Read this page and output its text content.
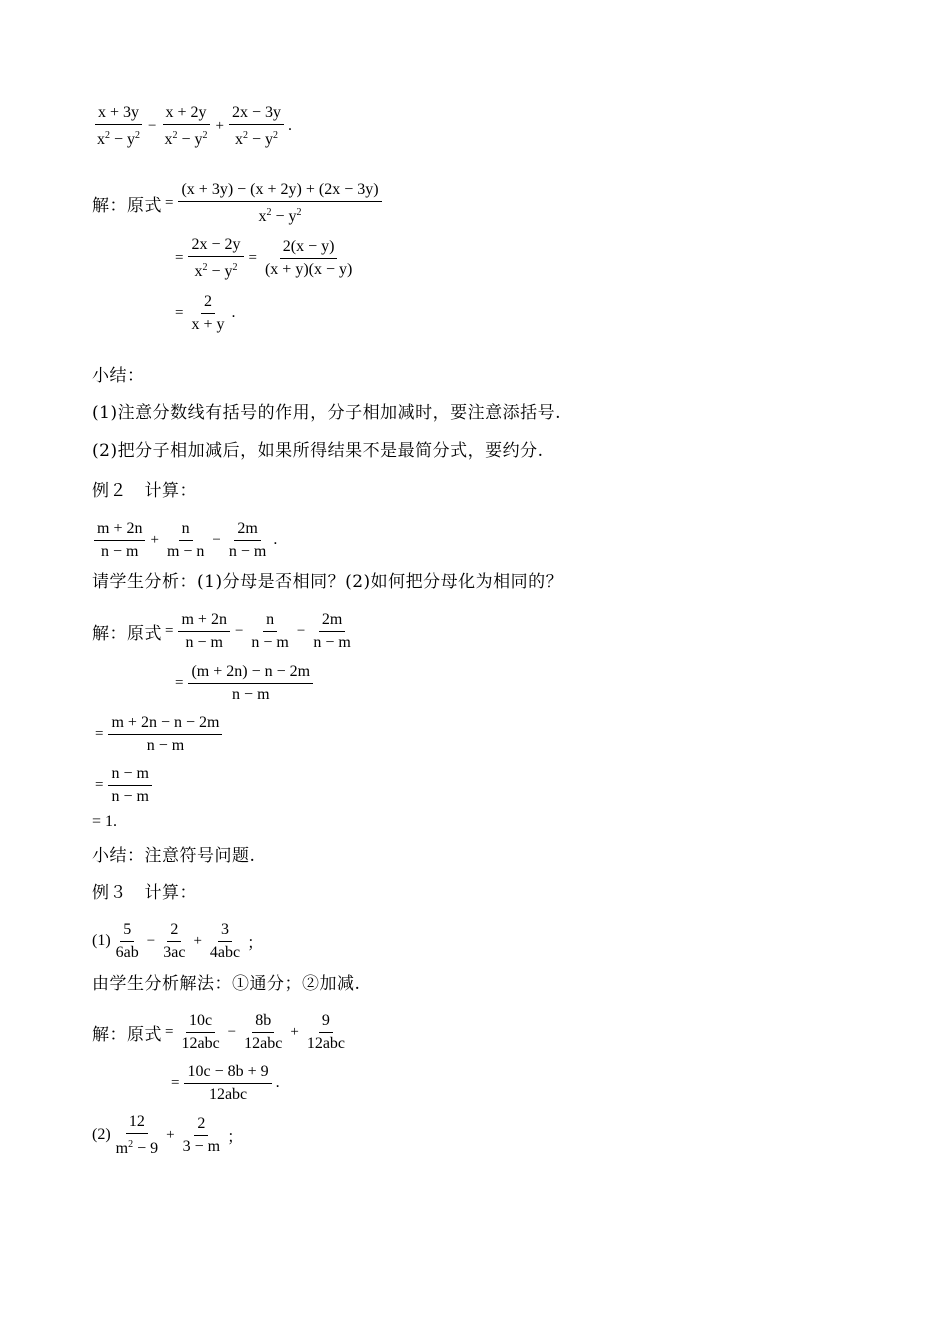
$\frac{x + 3y}{x^2 - y^2} - \frac{x + 2y}{x^2 - y^2} + \frac{2x - 3y}{x^2 - y^2}$ .
解：原式 = $\frac{(x + 3y) - (x + 2y) + (2x - 3y)}{x^2 - y^2}$
= $\frac{2x - 2y}{x^2 - y^2} = \frac{2(x - y)}{(x + y)(x - y)}$
= $\frac{2}{x + y}$ .
小结：
(1)注意分数线有括号的作用，分子相加减时，要注意添括号.
(2)把分子相加减后，如果所得结果不是最简分式，要约分.
例２　计算：
$\frac{m + 2n}{n - m} + \frac{n}{m - n} - \frac{2m}{n - m}$ .
请学生分析：(1)分母是否相同？(2)如何把分母化为相同的？
解：原式 = $\frac{m + 2n}{n - m} - \frac{n}{n - m} - \frac{2m}{n - m}$
= $\frac{(m + 2n) - n - 2m}{n - m}$
= $\frac{m + 2n - n - 2m}{n - m}$
= $\frac{n - m}{n - m}$
= 1.
小结：注意符号问题.
例３　计算：
$(1) \frac{5}{6ab} - \frac{2}{3ac} + \frac{3}{\text{4abc}}$ ；
由学生分析解法：①通分；②加减.
解：原式 = $\frac{10c}{\text{12abc}} - \frac{8b}{\text{12abc}} + \frac{9}{\text{12abc}}$
= $\frac{10c - 8b + 9}{\text{12abc}}$ .
$(2) \frac{12}{m^2 - 9} + \frac{2}{3 - m}$ ；
